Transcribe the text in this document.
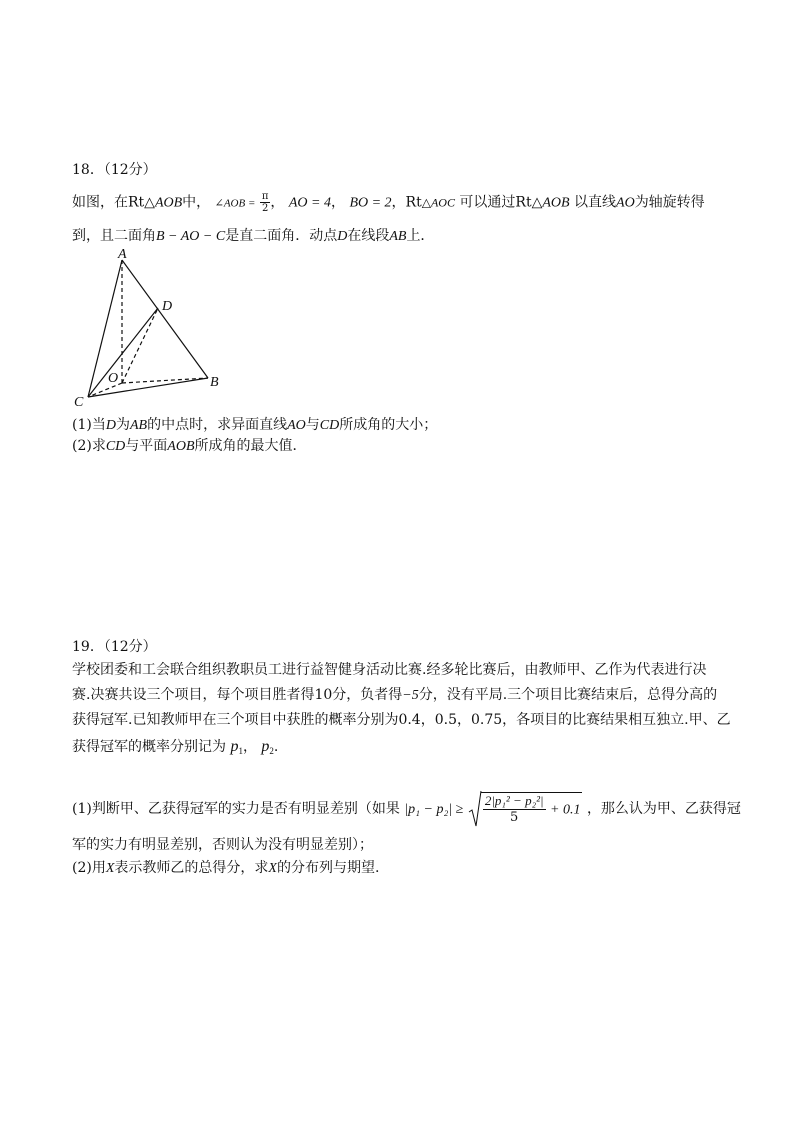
18．（12分）
如图，在Rt△AOB中， ∠AOB = $\frac{\pi}{2}$ ， AO = 4， BO = 2，Rt△AOC 可以通过Rt△AOB 以直线AO为轴旋转得
到，且二面角B − AO − C是直二面角．动点D在线段AB上．
A
D
O	B
C
(1)当D为AB的中点时，求异面直线AO与CD所成角的大小；
(2)求CD与平面AOB所成角的最大值．
19．（12分）
学校团委和工会联合组织教职员工进行益智健身活动比赛.经多轮比赛后，由教师甲、乙作为代表进行决
赛.决赛共设三个项目，每个项目胜者得10分，负者得−5分，没有平局.三个项目比赛结束后，总得分高的
获得冠军.已知教师甲在三个项目中获胜的概率分别为0.4，0.5，0.75，各项目的比赛结果相互独立.甲、乙
获得冠军的概率分别记为 $p_1$， $p_2$.
(1)判断甲、乙获得冠军的实力是否有明显差别（如果 $|p_1 - p_2| \ge \frac{\text{2|p₁² − p₂²|}}{5} + 0.1$ ，那么认为甲、乙获得冠
军的实力有明显差别，否则认为没有明显差别）；
(2)用X表示教师乙的总得分，求X的分布列与期望.
